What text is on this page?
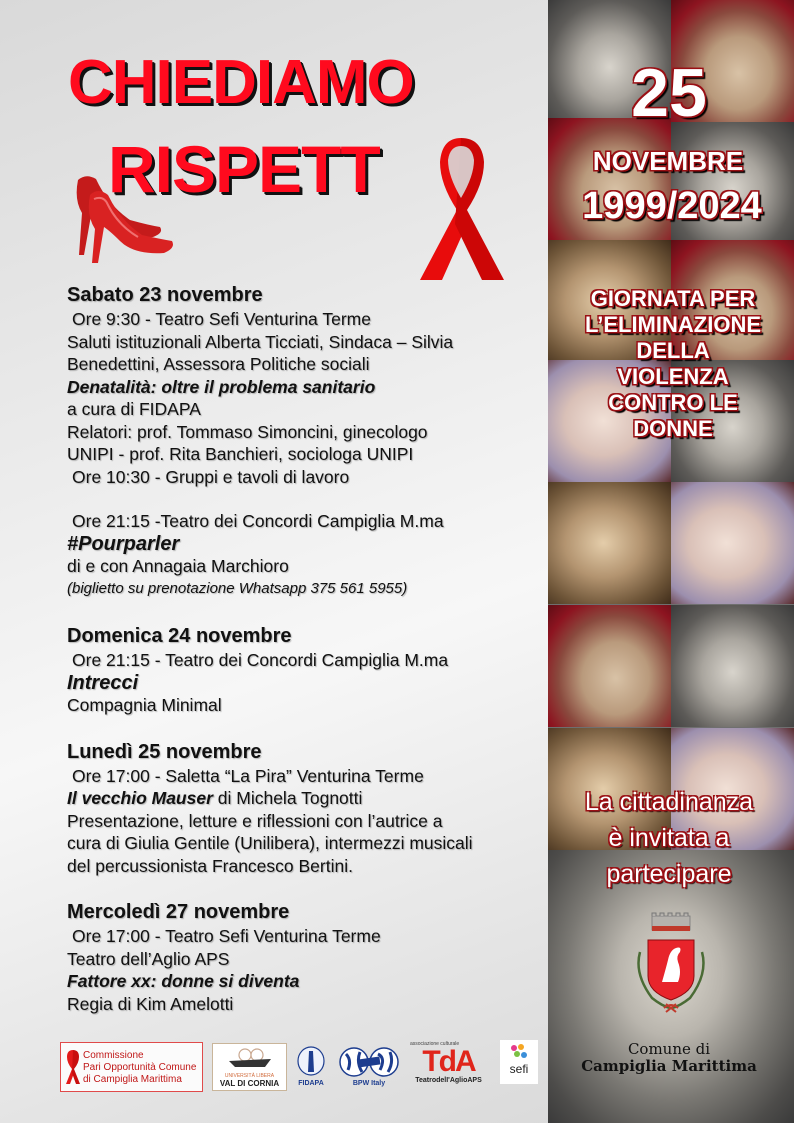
CHIEDIAMO
RISPETT
Sabato 23 novembre
Ore 9:30 - Teatro Sefi Venturina Terme
Saluti istituzionali Alberta Ticciati, Sindaca – Silvia
Benedettini, Assessora Politiche sociali
Denatalità: oltre il problema sanitario
a cura di FIDAPA
Relatori: prof. Tommaso Simoncini, ginecologo
UNIPI - prof. Rita Banchieri, sociologa UNIPI
Ore 10:30 - Gruppi e tavoli di lavoro
Ore 21:15 -Teatro dei Concordi Campiglia M.ma
#Pourparler
di e con Annagaia Marchioro
(biglietto su prenotazione Whatsapp 375 561 5955)
Domenica 24 novembre
Ore 21:15 - Teatro dei Concordi Campiglia M.ma
Intrecci
Compagnia Minimal
Lunedì 25 novembre
Ore 17:00 - Saletta “La Pira” Venturina Terme
Il vecchio Mauser di Michela Tognotti
Presentazione, letture e riflessioni con l’autrice a
cura di Giulia Gentile (Unilibera), intermezzi musicali
del percussionista Francesco Bertini.
Mercoledì 27 novembre
Ore 17:00 - Teatro Sefi Venturina Terme
Teatro dell’Aglio APS
Fattore xx: donne si diventa
Regia di Kim Amelotti
Commissione
Pari Opportunità Comune
di Campiglia Marittima	UNIVERSITÀ LIBERA
VAL DI CORNIA	FIDAPA	BPW Italy
associazione culturale
TdA
TeatrodelI'AglioAPS
sefi
25
NOVEMBRE
1999/2024
GIORNATA PER
L’ELIMINAZIONE
DELLA
VIOLENZA
CONTRO LE
DONNE
La cittadinanza
è invitata a
partecipare
Comune di
Campiglia Marittima
